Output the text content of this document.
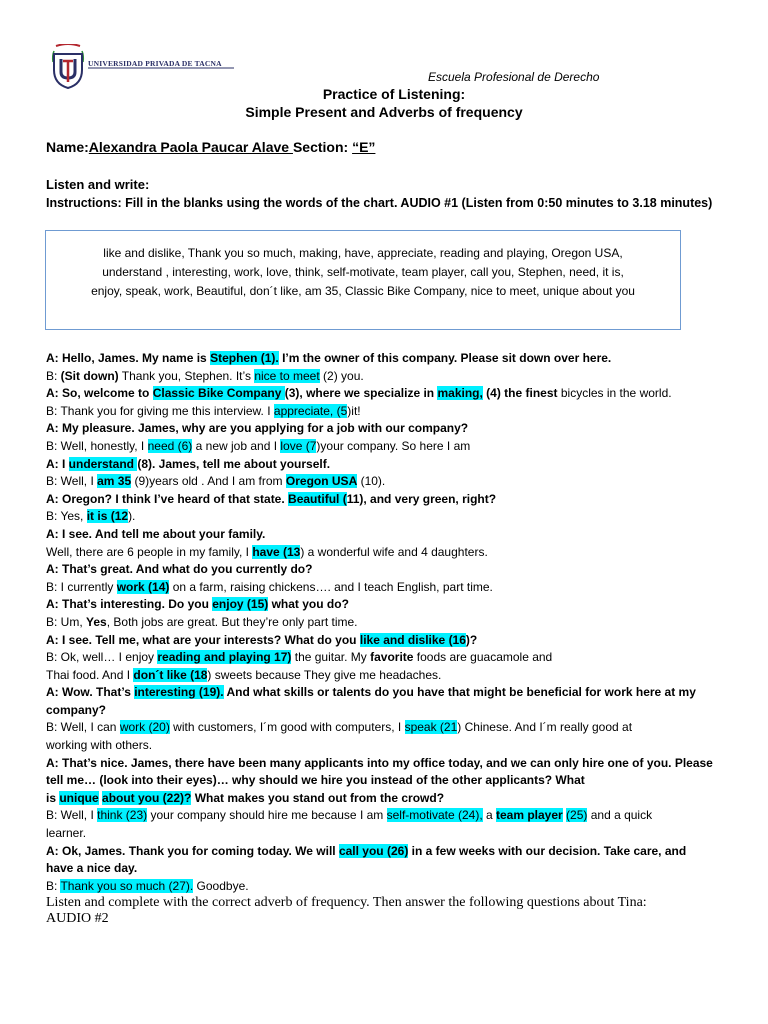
UNIVERSIDAD PRIVADA DE TACNA
Escuela Profesional de Derecho
Practice of Listening:
Simple Present and Adverbs of frequency
Name:Alexandra Paola Paucar Alave Section: “E”
Listen and write:
Instructions: Fill in the blanks using the words of the chart. AUDIO #1 (Listen from 0:50 minutes to 3.18 minutes)
like and dislike, Thank you so much, making, have, appreciate, reading and playing, Oregon USA,
understand , interesting, work, love, think, self-motivate, team player, call you, Stephen, need, it is,
enjoy, speak, work, Beautiful, don´t like, am 35, Classic Bike Company, nice to meet, unique about you
A: Hello, James. My name is Stephen (1). I’m the owner of this company. Please sit down over here.
B: (Sit down) Thank you, Stephen. It’s nice to meet (2) you.
A: So, welcome to Classic Bike Company (3), where we specialize in making, (4) the finest bicycles in the world.
B: Thank you for giving me this interview. I appreciate, (5)it!
A: My pleasure. James, why are you applying for a job with our company?
B: Well, honestly, I need (6) a new job and I love (7)your company. So here I am
A: I understand (8). James, tell me about yourself.
B: Well, I am 35 (9)years old . And I am from Oregon USA (10).
A: Oregon? I think I’ve heard of that state. Beautiful (11), and very green, right?
B: Yes, it is (12).
A: I see. And tell me about your family.
Well, there are 6 people in my family, I have (13) a wonderful wife and 4 daughters.
A: That’s great. And what do you currently do?
B: I currently work (14) on a farm, raising chickens…. and I teach English, part time.
A: That’s interesting. Do you enjoy (15) what you do?
B: Um, Yes, Both jobs are great. But they’re only part time.
A: I see. Tell me, what are your interests? What do you like and dislike (16)?
B: Ok, well… I enjoy reading and playing 17) the guitar. My favorite foods are guacamole and
Thai food. And I don´t like (18) sweets because They give me headaches.
A: Wow. That’s interesting (19). And what skills or talents do you have that might be beneficial for work here at my
company?
B: Well, I can work (20) with customers, I´m good with computers, I speak (21) Chinese. And I´m really good at
working with others.
A: That’s nice. James, there have been many applicants into my office today, and we can only hire one of you. Please
tell me… (look into their eyes)… why should we hire you instead of the other applicants? What
is unique about you (22)? What makes you stand out from the crowd?
B: Well, I think (23) your company should hire me because I am self-motivate (24), a team player (25) and a quick
learner.
A: Ok, James. Thank you for coming today. We will call you (26) in a few weeks with our decision. Take care, and
have a nice day.
B: Thank you so much (27). Goodbye.
Listen and complete with the correct adverb of frequency. Then answer the following questions about Tina:
AUDIO #2
